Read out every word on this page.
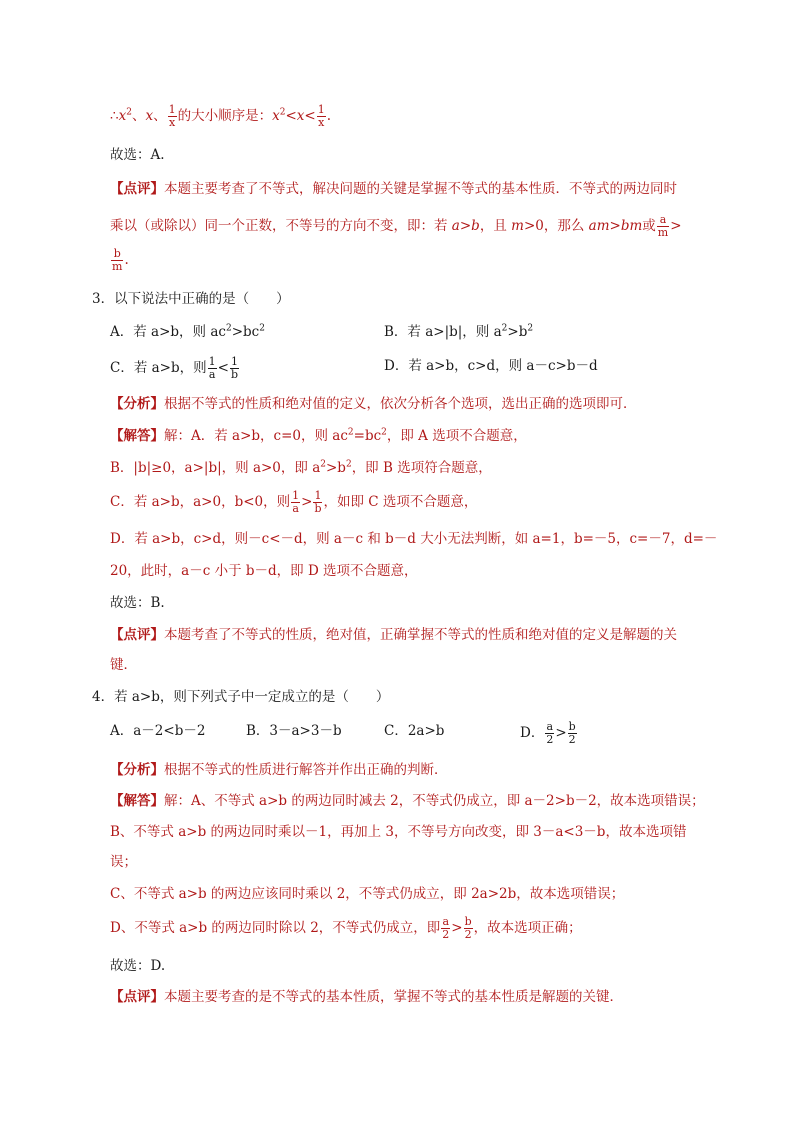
$\therefore x^2$、x、 $\frac{1}{x}$ 的大小顺序是：$x^2<x< \frac{1}{x}$ .
故选：A.
【点评】本题主要考查了不等式，解决问题的关键是掌握不等式的基本性质．不等式的两边同时
乘以（或除以）同一个正数，不等号的方向不变，即：若 a>b，且 m>0，那么 am>bm或 $\frac{a}{m}$ >
$\frac{b}{m}$ .
3．以下说法中正确的是（　　）
A．若 a>b，则 $ac^2>bc^2$	B．若 a>|b|，则 $a^2>b^2$
C．若 a>b，则 $\frac{1}{a} < \frac{1}{b}$	D．若 a>b，c>d，则 a－c>b－d
【分析】根据不等式的性质和绝对值的定义，依次分析各个选项，选出正确的选项即可．
【解答】解：A．若 a>b，c=0，则 $ac^2=bc^2$，即 A 选项不合题意，
B．|b|≥0，a>|b|，则 a>0，即 $a^2>b^2$，即 B 选项符合题意，
C．若 a>b，a>0，b<0，则 $\frac{1}{a} > \frac{1}{b}$ ，如即 C 选项不合题意，
D．若 a>b，c>d，则－c<－d，则 a－c 和 b－d 大小无法判断，如 a=1，b=－5，c=－7，d=－
20，此时，a－c 小于 b－d，即 D 选项不合题意，
故选：B.
【点评】本题考查了不等式的性质，绝对值，正确掌握不等式的性质和绝对值的定义是解题的关
键．
4．若 a>b，则下列式子中一定成立的是（　　）
A．a－2<b－2	B．3－a>3－b	C．2a>b	D． $\frac{a}{2} > \frac{b}{2}$
【分析】根据不等式的性质进行解答并作出正确的判断．
【解答】解：A、不等式 a>b 的两边同时减去 2，不等式仍成立，即 a－2>b－2，故本选项错误；
B、不等式 a>b 的两边同时乘以－1，再加上 3，不等号方向改变，即 3－a<3－b，故本选项错
误；
C、不等式 a>b 的两边应该同时乘以 2，不等式仍成立，即 2a>2b，故本选项错误；
D、不等式 a>b 的两边同时除以 2，不等式仍成立，即 $\frac{a}{2} > \frac{b}{2}$ ，故本选项正确；
故选：D.
【点评】本题主要考查的是不等式的基本性质，掌握不等式的基本性质是解题的关键．
